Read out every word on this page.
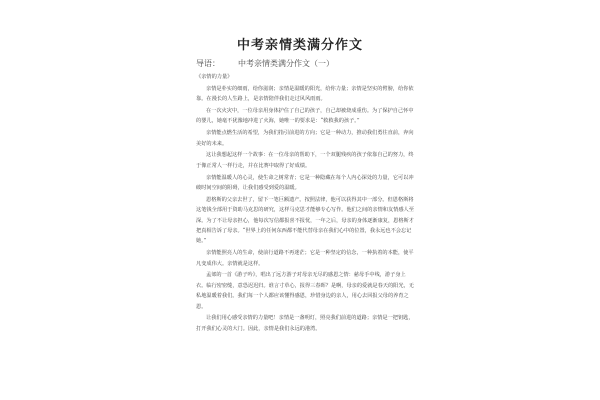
中考亲情类满分作文
导语： 中考亲情类满分作文（一）

《亲情的力量》

亲情是朴实的细雨，给你滋润；亲情是温暖的阳光，给你力量；亲情是坚实的臂膀，给你依靠。在漫长的人生路上，是亲情陪伴我们走过风风雨雨。

在一次火灾中，一位母亲用身体护住了自己的孩子，自己却被烧成重伤。为了保护自己怀中的婴儿，她毫不犹豫地冲进了火海，她唯一的要求是：“救救我的孩子。”

亲情能点燃生活的希望，为我们指引前进的方向；它是一种动力，推动我们勇往直前，奔向美好的未来。

这让我想起这样一个故事：在一位母亲的帮助下，一个双腿残疾的孩子依靠自己的努力，终于像正常人一样行走，并在比赛中取得了好成绩。

亲情能温暖人的心灵，使生命之树常青；它是一种隐藏在每个人内心深处的力量，它可以冲破时间空间的阻碍，让我们感受到爱的温暖。

恩格斯的父亲去世了，留下一笔巨额遗产。按照法律，他可以获得其中一部分。但恩格斯将这笔钱全部用于资助马克思的研究，这样马克思才能够专心写作。他们之间的亲情和友情感人至深。为了不让母亲担心，他每次写信都报喜不报忧，一年之后，母亲的身体逐渐康复，恩格斯才把真相告诉了母亲。“世界上的任何东西都不能代替母亲在我们心中的位置，我永远也不会忘记她。”

亲情能照亮人的生命，使前行道路不再迷茫；它是一种坚定的信念，一种执着的本能，使平凡变成伟大。亲情就是这样。

孟郊的一首《游子吟》，唱出了远方游子对母亲无尽的感恩之情：慈母手中线，游子身上衣。临行密密缝，意恐迟迟归。谁言寸草心，报得三春晖？是啊，母亲的爱就是春天的阳光，无私地温暖着我们。我们每一个人都应该懂得感恩，珍惜身边的亲人，用心去回报父母的养育之恩。

让我们用心感受亲情的力量吧！亲情是一盏明灯，照亮我们前进的道路；亲情是一把钥匙，打开我们心灵的大门。因此，亲情是我们永远的港湾。
